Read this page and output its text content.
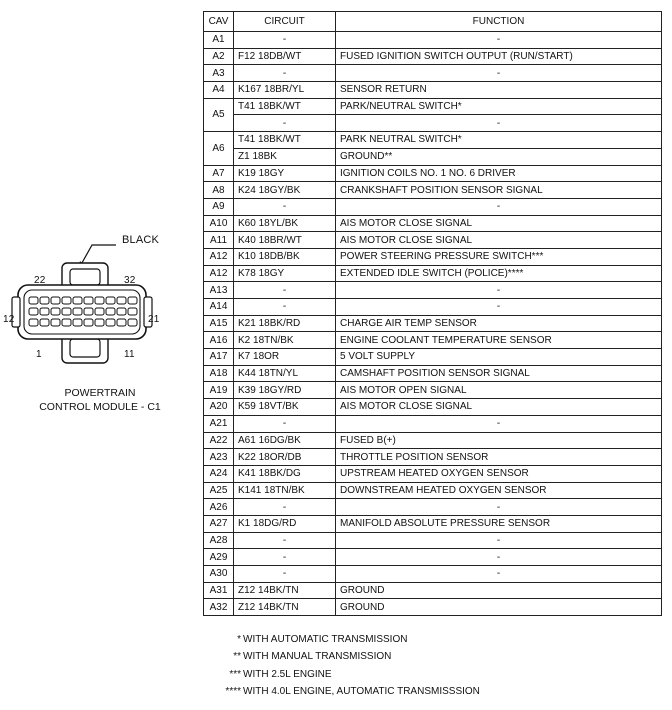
BLACK
22	32
12	21
1	11
POWERTRAIN
CONTROL MODULE - C1
CAV	CIRCUIT	FUNCTION
A1	-	-
A2	F12 18DB/WT	FUSED IGNITION SWITCH OUTPUT (RUN/START)
A3	-	-
A4	K167 18BR/YL	SENSOR RETURN
A5	T41 18BK/WT	PARK/NEUTRAL SWITCH*
	-	-
A6	T41 18BK/WT	PARK NEUTRAL SWITCH*
	Z1 18BK	GROUND**
A7	K19 18GY	IGNITION COILS NO. 1 NO. 6 DRIVER
A8	K24 18GY/BK	CRANKSHAFT POSITION SENSOR SIGNAL
A9	-	-
A10	K60 18YL/BK	AIS MOTOR CLOSE SIGNAL
A11	K40 18BR/WT	AIS MOTOR CLOSE SIGNAL
A12	K10 18DB/BK	POWER STEERING PRESSURE SWITCH***
A12	K78 18GY	EXTENDED IDLE SWITCH (POLICE)****
A13	-	-
A14	-	-
A15	K21 18BK/RD	CHARGE AIR TEMP SENSOR
A16	K2 18TN/BK	ENGINE COOLANT TEMPERATURE SENSOR
A17	K7 18OR	5 VOLT SUPPLY
A18	K44 18TN/YL	CAMSHAFT POSITION SENSOR SIGNAL
A19	K39 18GY/RD	AIS MOTOR OPEN SIGNAL
A20	K59 18VT/BK	AIS MOTOR CLOSE SIGNAL
A21	-	-
A22	A61 16DG/BK	FUSED B(+)
A23	K22 18OR/DB	THROTTLE POSITION SENSOR
A24	K41 18BK/DG	UPSTREAM HEATED OXYGEN SENSOR
A25	K141 18TN/BK	DOWNSTREAM HEATED OXYGEN SENSOR
A26	-	-
A27	K1 18DG/RD	MANIFOLD ABSOLUTE PRESSURE SENSOR
A28	-	-
A29	-	-
A30	-	-
A31	Z12 14BK/TN	GROUND
A32	Z12 14BK/TN	GROUND
* WITH AUTOMATIC TRANSMISSION
** WITH MANUAL TRANSMISSION
*** WITH 2.5L ENGINE
**** WITH 4.0L ENGINE, AUTOMATIC TRANSMISSSION
